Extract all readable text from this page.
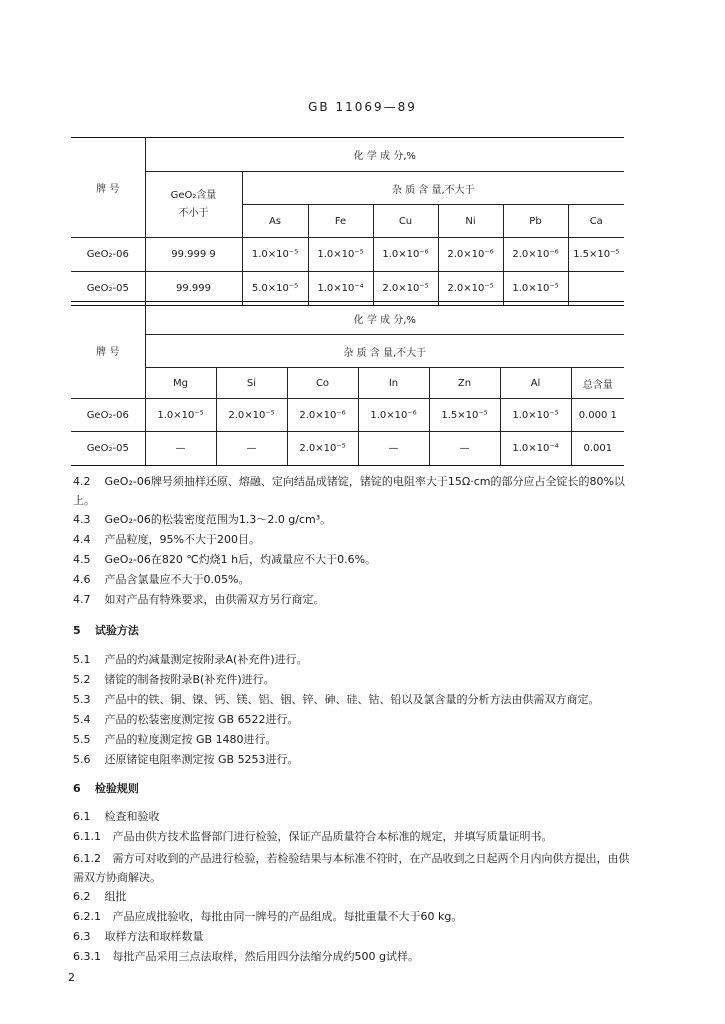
GB 11069—89
牌 号	化 学 成 分,%						
	GeO₂含量
不小于	杂 质 含 量,不大于					
		As	Fe	Cu	Ni	Pb	Ca
GeO₂-06	99.999 9	1.0×10⁻⁵	1.0×10⁻⁵	1.0×10⁻⁶	2.0×10⁻⁶	2.0×10⁻⁶	1.5×10⁻⁵
GeO₂-05	99.999	5.0×10⁻⁵	1.0×10⁻⁴	2.0×10⁻⁵	2.0×10⁻⁵	1.0×10⁻⁵	
牌 号	化 学 成 分,%						
	杂 质 含 量,不大于						
	Mg	Si	Co	In	Zn	Al	总含量
GeO₂-06	1.0×10⁻⁵	2.0×10⁻⁵	2.0×10⁻⁶	1.0×10⁻⁶	1.5×10⁻⁵	1.0×10⁻⁵	0.000 1
GeO₂-05	—	—	2.0×10⁻⁵	—	—	1.0×10⁻⁴	0.001
4.2 GeO₂-06牌号须抽样还原、熔融、定向结晶成锗锭，锗锭的电阻率大于15Ω·cm的部分应占全锭长的80%以上。
4.3 GeO₂-06的松装密度范围为1.3～2.0 g/cm³。
4.4 产品粒度，95%不大于200目。
4.5 GeO₂-06在820 ℃灼烧1 h后，灼减量应不大于0.6%。
4.6 产品含氯量应不大于0.05%。
4.7 如对产品有特殊要求，由供需双方另行商定。
5 试验方法
5.1 产品的灼减量测定按附录A(补充件)进行。
5.2 锗锭的制备按附录B(补充件)进行。
5.3 产品中的铁、铜、镍、钙、镁、铝、铟、锌、砷、硅、钴、铅以及氯含量的分析方法由供需双方商定。
5.4 产品的松装密度测定按 GB 6522进行。
5.5 产品的粒度测定按 GB 1480进行。
5.6 还原锗锭电阻率测定按 GB 5253进行。
6 检验规则
6.1 检查和验收
6.1.1 产品由供方技术监督部门进行检验，保证产品质量符合本标准的规定，并填写质量证明书。
6.1.2 需方可对收到的产品进行检验，若检验结果与本标准不符时，在产品收到之日起两个月内向供方提出，由供需双方协商解决。
6.2 组批
6.2.1 产品应成批验收，每批由同一牌号的产品组成。每批重量不大于60 kg。
6.3 取样方法和取样数量
6.3.1 每批产品采用三点法取样，然后用四分法缩分成约500 g试样。
2
